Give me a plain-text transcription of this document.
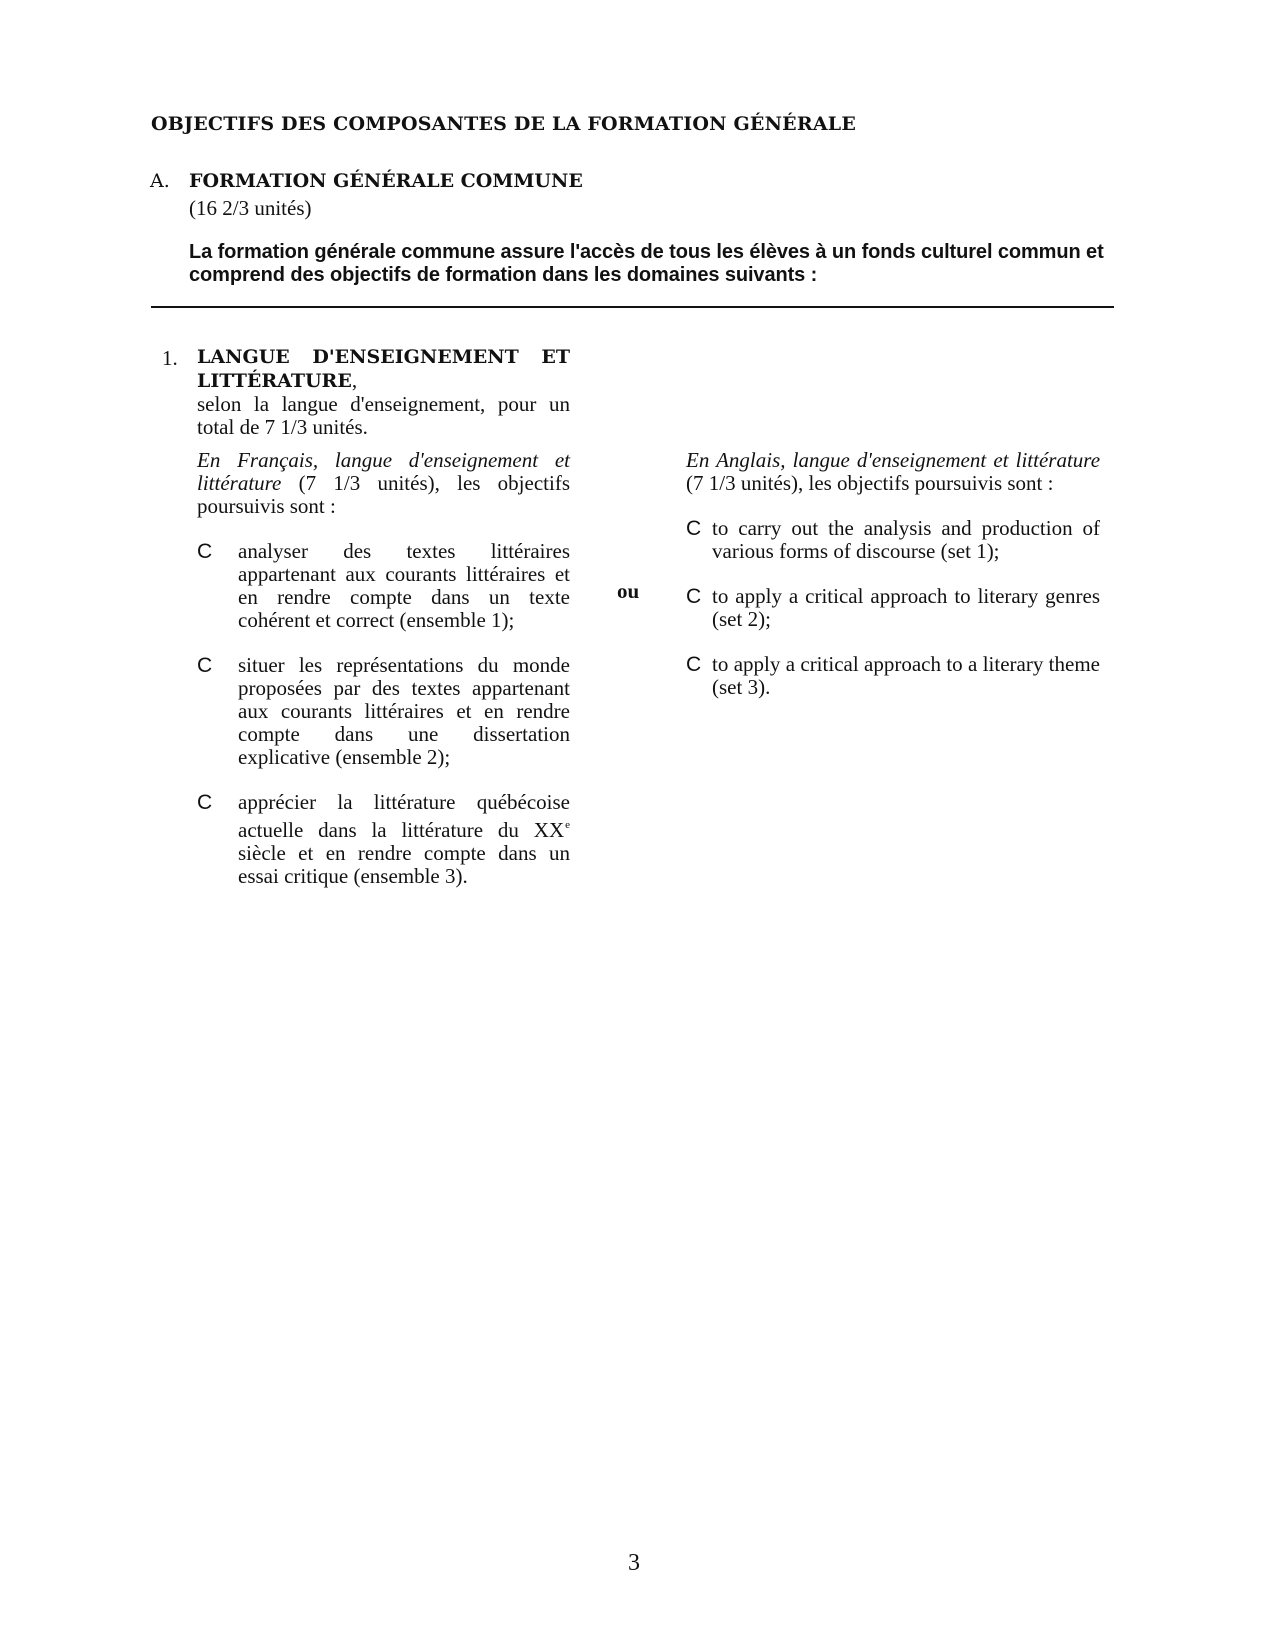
OBJECTIFS DES COMPOSANTES DE LA FORMATION GÉNÉRALE
A. FORMATION GÉNÉRALE COMMUNE
(16 2/3 unités)
La formation générale commune assure l'accès de tous les élèves à un fonds culturel commun et comprend des objectifs de formation dans les domaines suivants :
1. LANGUE D'ENSEIGNEMENT ET
LITTÉRATURE,
selon la langue d'enseignement, pour un total de 7 1/3 unités.
En Français, langue d'enseignement et littérature (7 1/3 unités), les objectifs poursuivis sont :
C analyser des textes littéraires appartenant aux courants littéraires et en rendre compte dans un texte cohérent et correct (ensemble 1);
C situer les représentations du monde proposées par des textes appartenant aux courants littéraires et en rendre compte dans une dissertation explicative (ensemble 2);
C apprécier la littérature québécoise actuelle dans la littérature du XXe siècle et en rendre compte dans un essai critique (ensemble 3).
ou
En Anglais, langue d'enseignement et littérature (7 1/3 unités), les objectifs poursuivis sont :
C to carry out the analysis and production of various forms of discourse (set 1);
C to apply a critical approach to literary genres (set 2);
C to apply a critical approach to a literary theme (set 3).
3
